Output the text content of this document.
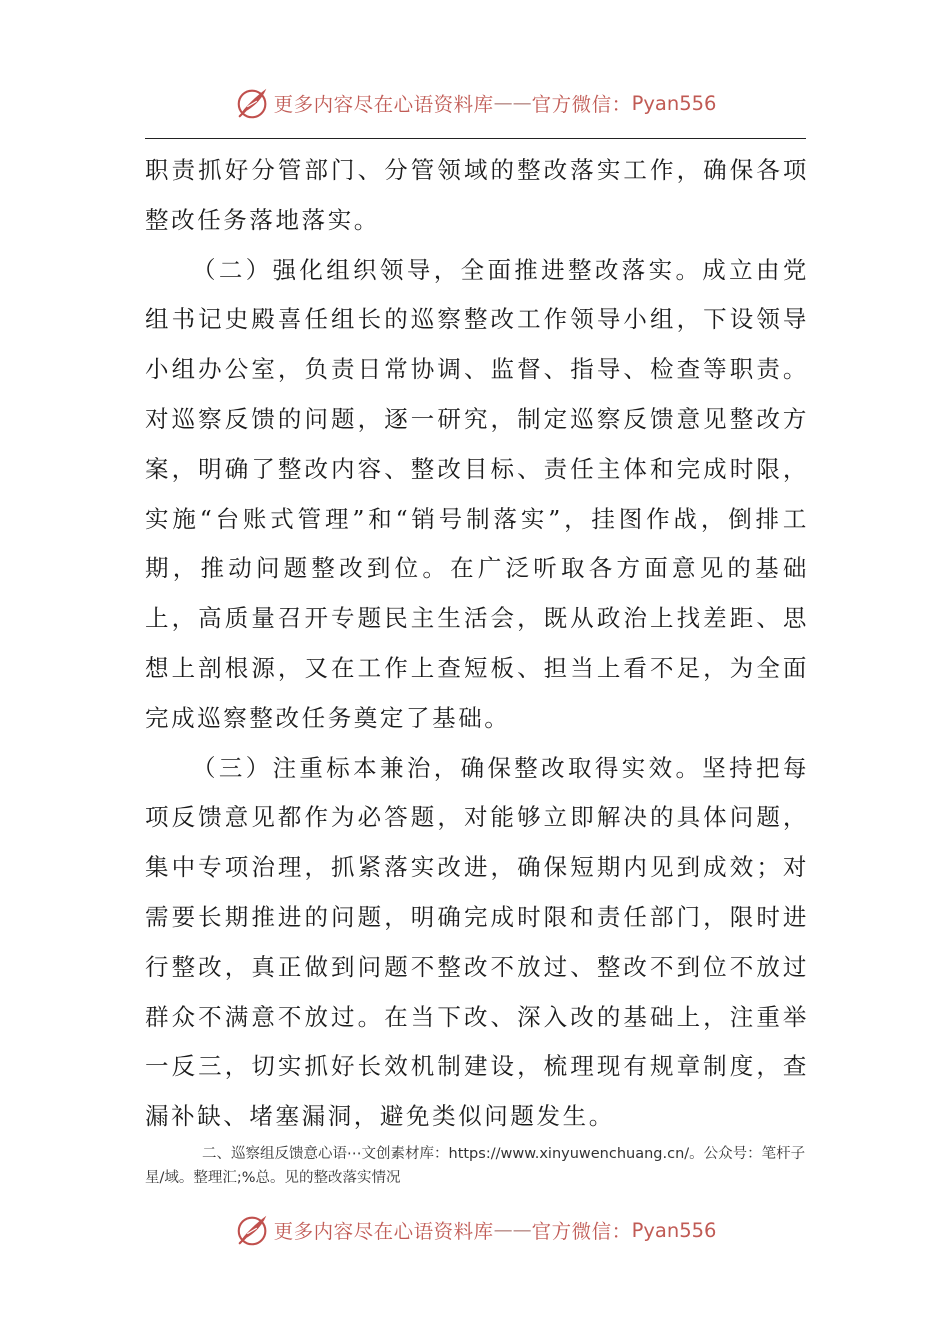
更多内容尽在心语资料库 —— 官方微信： Pyan556

职责抓好分管部门、分管领域的整改落实工作，确保各项整改任务落地落实。

（二）强化组织领导，全面推进整改落实。成立由党组书记史殿喜任组长的巡察整改工作领导小组，下设领导小组办公室，负责日常协调、监督、指导、检查等职责。对巡察反馈的问题，逐一研究，制定巡察反馈意见整改方案，明确了整改内容、整改目标、责任主体和完成时限，实施“台账式管理”和“销号制落实”，挂图作战，倒排工期，推动问题整改到位。在广泛听取各方面意见的基础上，高质量召开专题民主生活会，既从政治上找差距、思想上剖根源，又在工作上查短板、担当上看不足，为全面完成巡察整改任务奠定了基础。

（三）注重标本兼治，确保整改取得实效。坚持把每项反馈意见都作为必答题，对能够立即解决的具体问题，集中专项治理，抓紧落实改进，确保短期内见到成效；对需要长期推进的问题，明确完成时限和责任部门，限时进行整改，真正做到问题不整改不放过、整改不到位不放过群众不满意不放过。在当下改、深入改的基础上，注重举一反三，切实抓好长效机制建设，梳理现有规章制度，查漏补缺、堵塞漏洞，避免类似问题发生。

二、巡察组反馈意心语⋯文创素材库：https://www.xinyuwenchuang.cn/。公众号：笔杆子星/域。整理汇;%总。见的整改落实情况
更多内容尽在心语资料库 —— 官方微信： Pyan556
